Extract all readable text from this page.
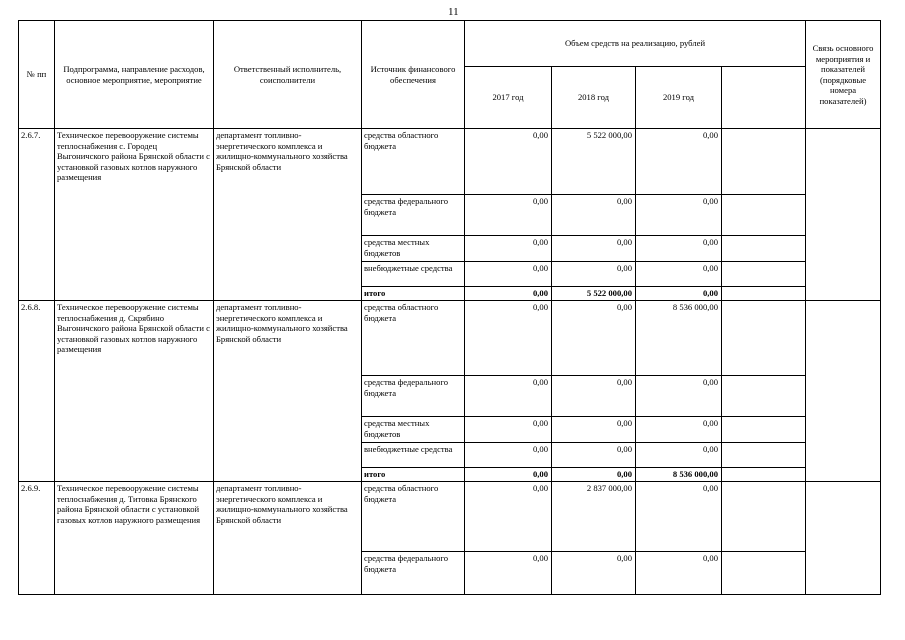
11
№ пп	Подпрограмма, направление расходов, основное мероприятие, мероприятие	Ответственный исполнитель, соисполнители	Источник финансового обеспечения	Объем средств на реализацию, рублей				Связь основного мероприятия и показателей (порядковые номера показателей)
				2017 год	2018 год	2019 год		
2.6.7.	Техническое перевооружение системы теплоснабжения с. Городец Выгоничского района Брянской области с установкой газовых котлов наружного размещения	департамент топливно-энергетического комплекса и жилищно-коммунального хозяйства Брянской области	средства областного бюджета	0,00	5 522 000,00	0,00		
			средства федерального бюджета	0,00	0,00	0,00		
			средства местных бюджетов	0,00	0,00	0,00		
			внебюджетные средства	0,00	0,00	0,00		
			итого	0,00	5 522 000,00	0,00		
2.6.8.	Техническое перевооружение системы теплоснабжения д. Скрябино Выгоничского района Брянской области с установкой газовых котлов наружного размещения	департамент топливно-энергетического комплекса и жилищно-коммунального хозяйства Брянской области	средства областного бюджета	0,00	0,00	8 536 000,00		
			средства федерального бюджета	0,00	0,00	0,00		
			средства местных бюджетов	0,00	0,00	0,00		
			внебюджетные средства	0,00	0,00	0,00		
			итого	0,00	0,00	8 536 000,00		
2.6.9.	Техническое перевооружение системы теплоснабжения д. Титовка Брянского района Брянской области с установкой газовых котлов наружного размещения	департамент топливно-энергетического комплекса и жилищно-коммунального хозяйства Брянской области	средства областного бюджета	0,00	2 837 000,00	0,00		
			средства федерального бюджета	0,00	0,00	0,00		
